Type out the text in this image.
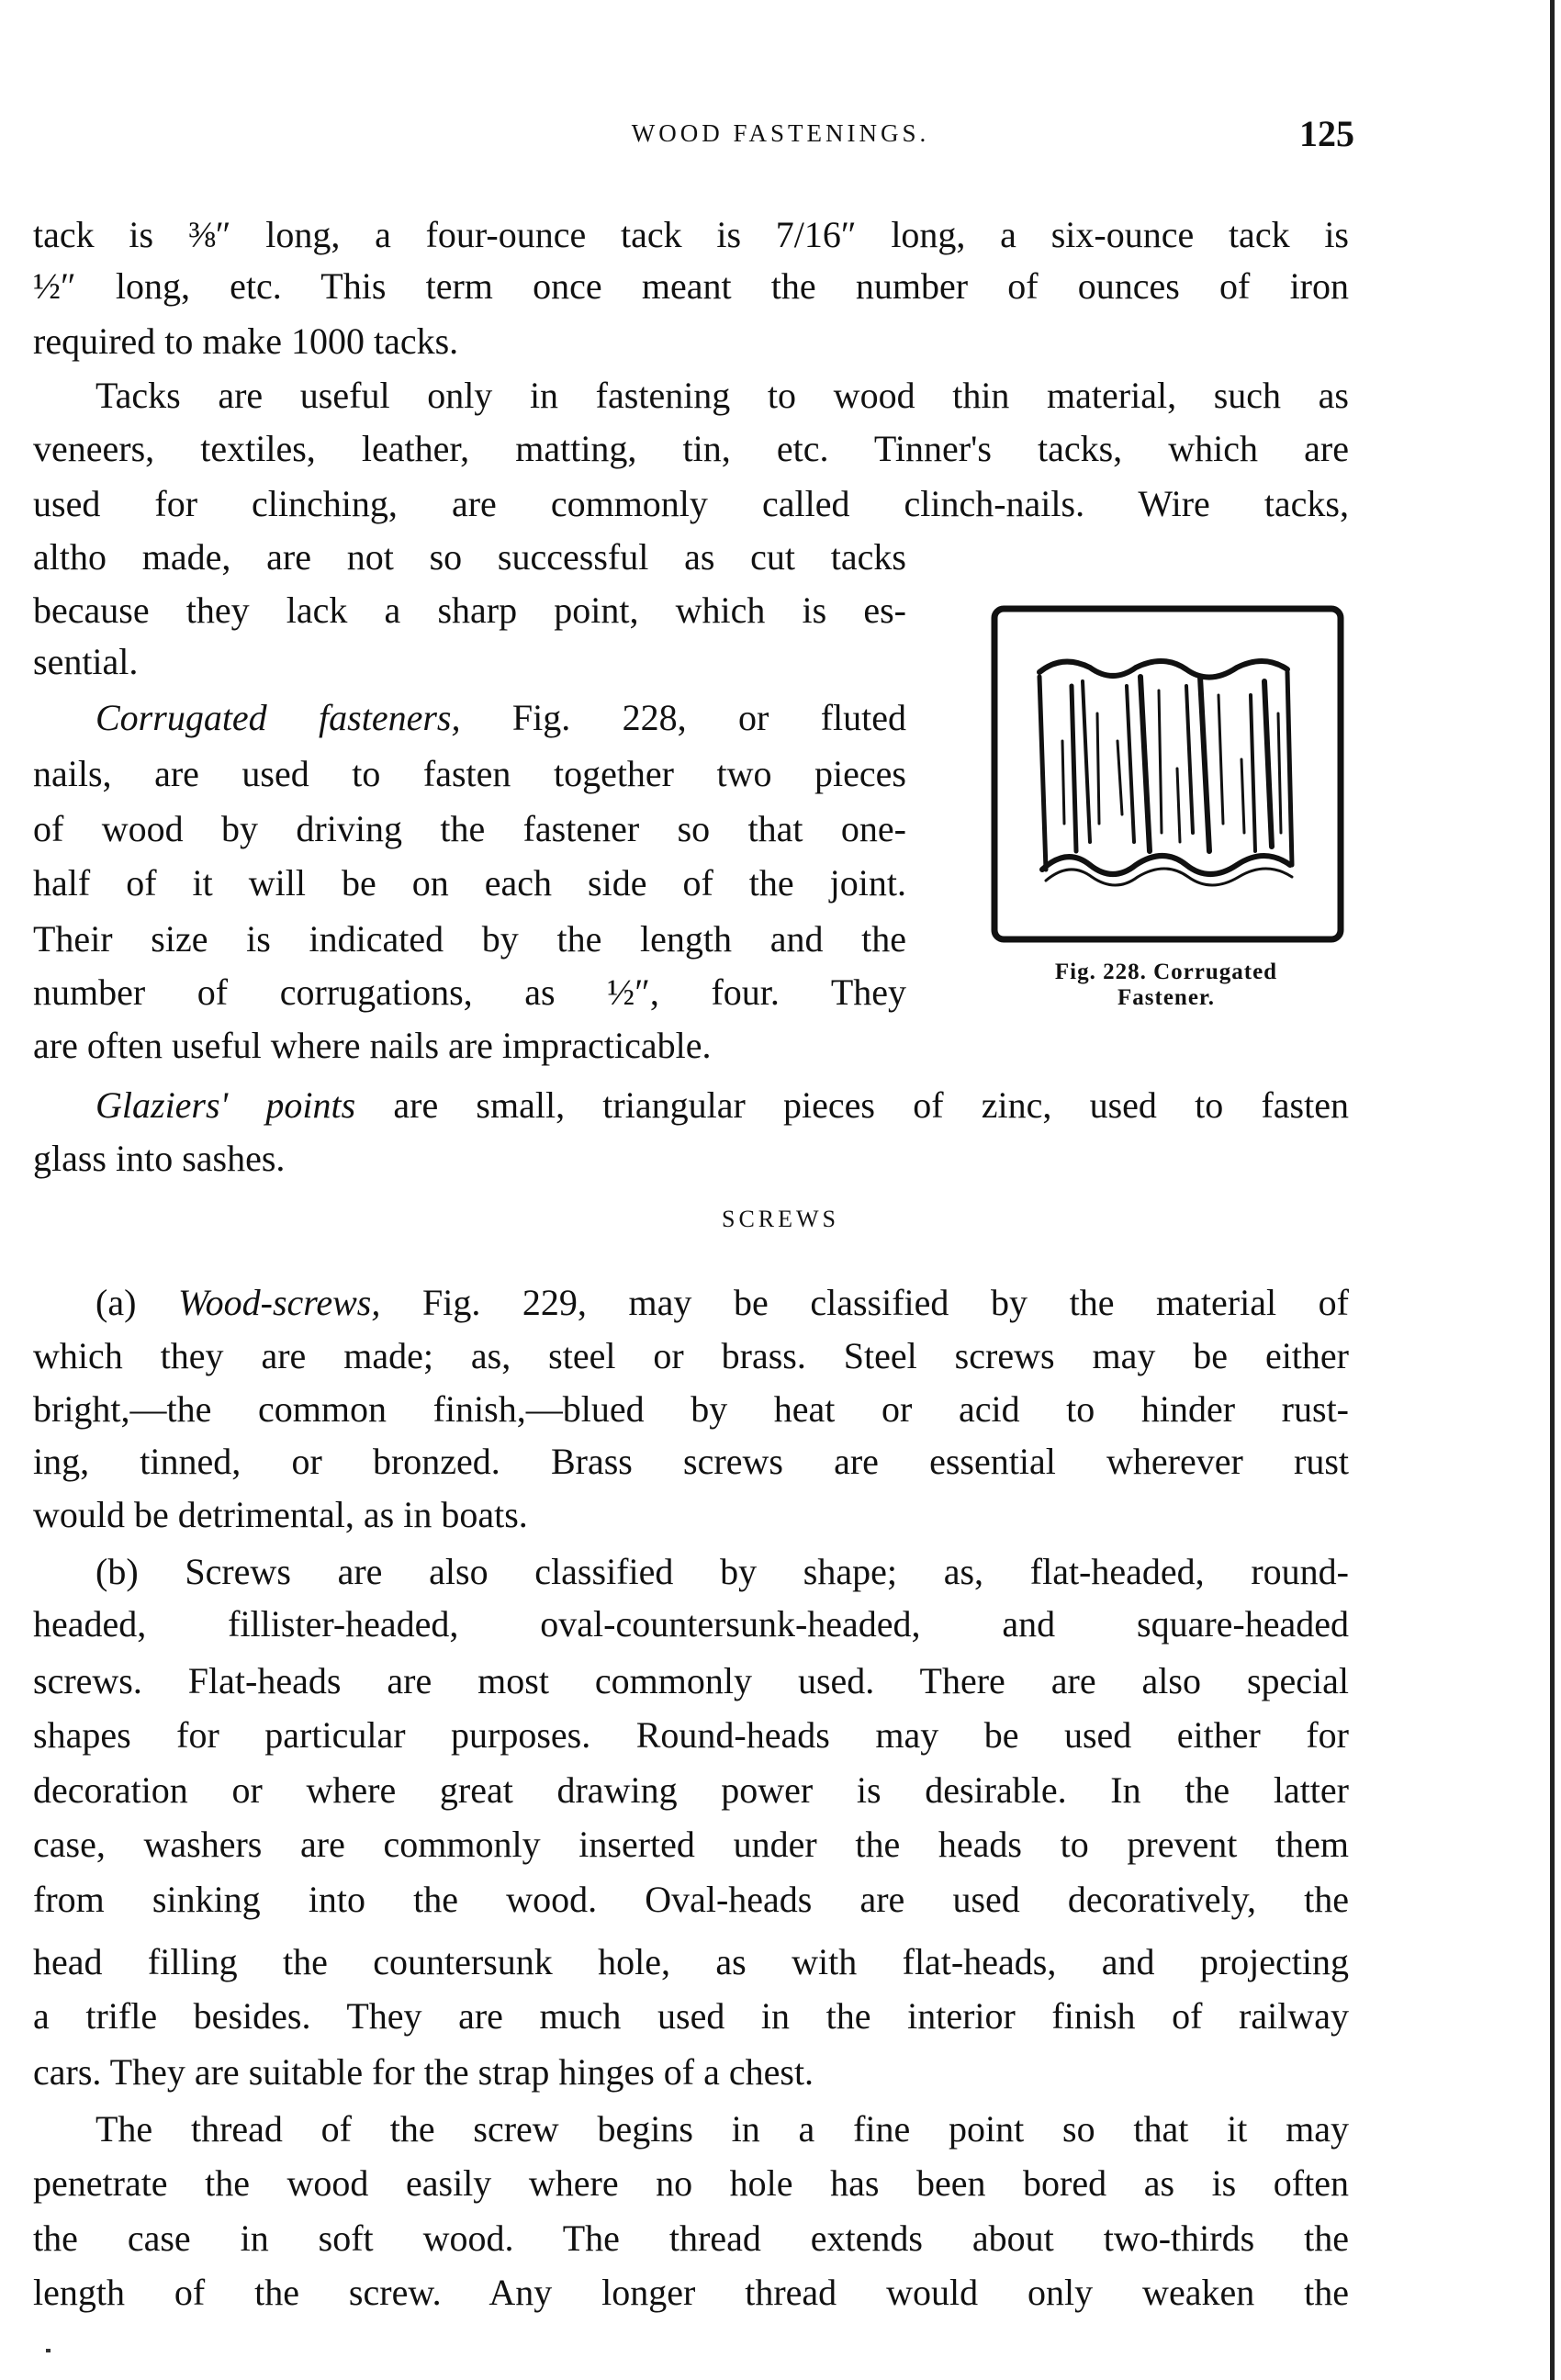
WOOD FASTENINGS.	125
tack is ⅜″ long, a four-ounce tack is 7/16″ long, a six-ounce tack is
½″ long, etc. This term once meant the number of ounces of iron
required to make 1000 tacks.
Tacks are useful only in fastening to wood thin material, such as
veneers, textiles, leather, matting, tin, etc. Tinner's tacks, which are
used for clinching, are commonly called clinch-nails. Wire tacks,
altho made, are not so successful as cut tacks
because they lack a sharp point, which is es-
sential.
Corrugated fasteners, Fig. 228, or fluted
nails, are used to fasten together two pieces
of wood by driving the fastener so that one-
half of it will be on each side of the joint.
Their size is indicated by the length and the
number of corrugations, as ½″, four. They
are often useful where nails are impracticable.
Glaziers' points are small, triangular pieces of zinc, used to fasten
glass into sashes.
(a) Wood-screws, Fig. 229, may be classified by the material of
which they are made; as, steel or brass. Steel screws may be either
bright,—the common finish,—blued by heat or acid to hinder rust-
ing, tinned, or bronzed. Brass screws are essential wherever rust
would be detrimental, as in boats.
(b) Screws are also classified by shape; as, flat-headed, round-
headed, fillister-headed, oval-countersunk-headed, and square-headed
screws. Flat-heads are most commonly used. There are also special
shapes for particular purposes. Round-heads may be used either for
decoration or where great drawing power is desirable. In the latter
case, washers are commonly inserted under the heads to prevent them
from sinking into the wood. Oval-heads are used decoratively, the
head filling the countersunk hole, as with flat-heads, and projecting
a trifle besides. They are much used in the interior finish of railway
cars. They are suitable for the strap hinges of a chest.
The thread of the screw begins in a fine point so that it may
penetrate the wood easily where no hole has been bored as is often
the case in soft wood. The thread extends about two-thirds the
length of the screw. Any longer thread would only weaken the
SCREWS
Fig. 228. Corrugated
Fastener.
